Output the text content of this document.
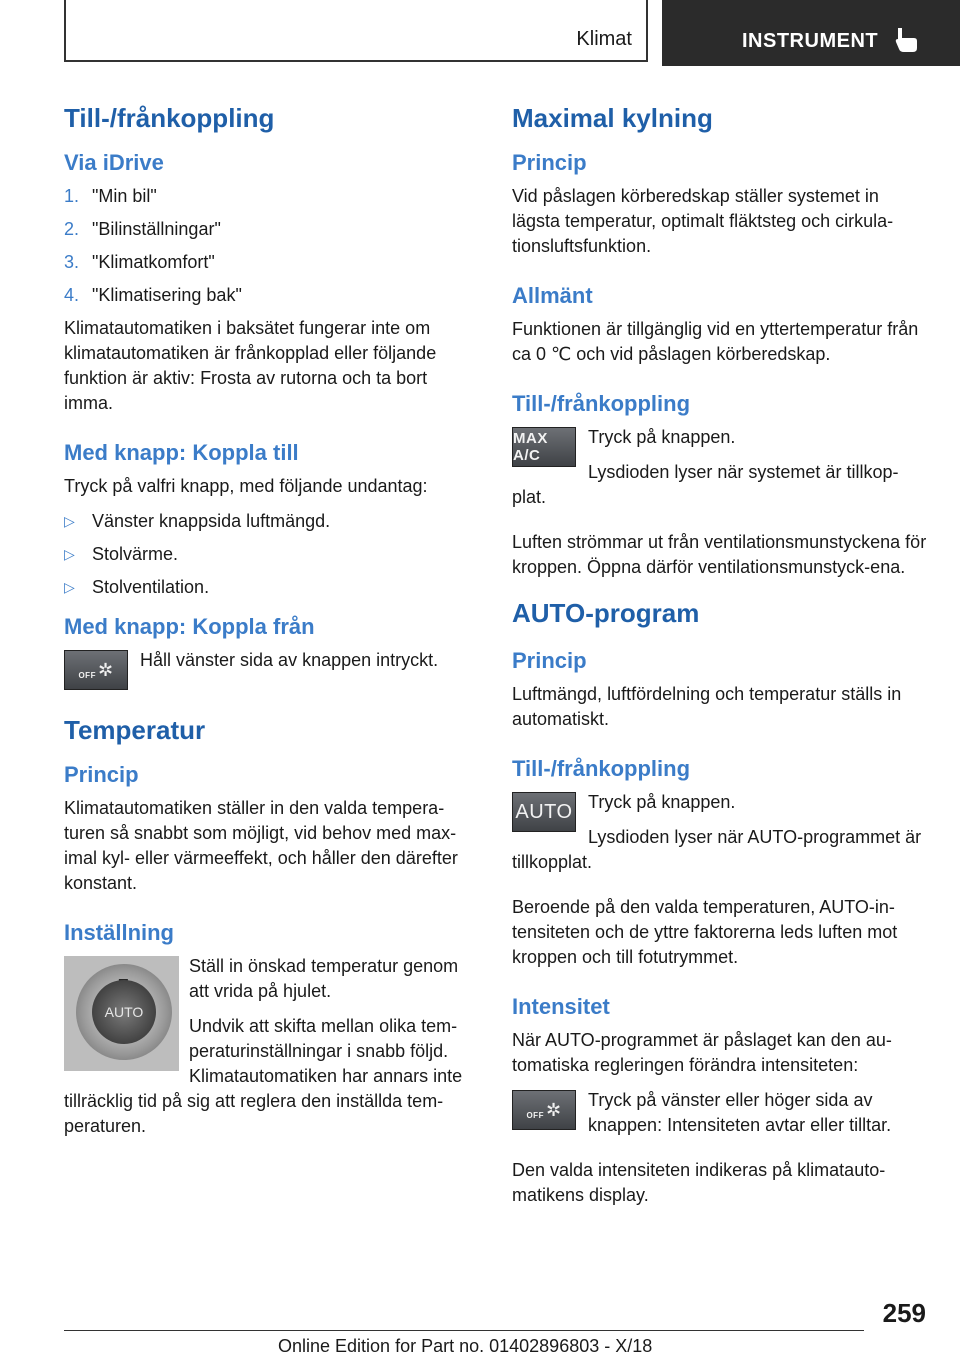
Klimat	INSTRUMENT
Till-/frånkoppling
Via iDrive
1. "Min bil"
2. "Bilinställningar"
3. "Klimatkomfort"
4. "Klimatisering bak"

Klimatautomatiken i baksätet fungerar inte om klimatautomatiken är frånkopplad eller följande funktion är aktiv: Frosta av rutorna och ta bort imma.

Med knapp: Koppla till

Tryck på valfri knapp, med följande undantag:

▷ Vänster knappsida luftmängd.
▷ Stolvärme.
▷ Stolventilation.
Med knapp: Koppla från
OFF ✲	Håll vänster sida av knappen intryckt.

Temperatur
Princip

Klimatautomatiken ställer in den valda tempera-turen så snabbt som möjligt, vid behov med max-imal kyl- eller värmeeffekt, och håller den därefter konstant.

Inställning
AUTO

Ställ in önskad temperatur genom att vrida på hjulet.

Undvik att skifta mellan olika tem-peraturinställningar i snabb följd. Klimatautomatiken har annars inte tillräcklig tid på sig att reglera den inställda tem-peraturen.

Maximal kylning
Princip

Vid påslagen körberedskap ställer systemet in lägsta temperatur, optimalt fläktsteg och cirkula-tionsluftsfunktion.

Allmänt

Funktionen är tillgänglig vid en yttertemperatur från ca 0 ℃ och vid påslagen körberedskap.

Till-/frånkoppling
MAX A/C

Tryck på knappen.

Lysdioden lyser när systemet är tillkop-plat.

Luften strömmar ut från ventilationsmunstyckena för kroppen. Öppna därför ventilationsmunstyck-ena.

AUTO-program
Princip

Luftmängd, luftfördelning och temperatur ställs in automatiskt.

Till-/frånkoppling
AUTO Tryck på knappen.

Lysdioden lyser när AUTO-programmet är tillkopplat.

Beroende på den valda temperaturen, AUTO-in-tensiteten och de yttre faktorerna leds luften mot kroppen och till fotutrymmet.

Intensitet

När AUTO-programmet är påslaget kan den au-tomatiska regleringen förändra intensiteten:

OFF ✲	Tryck på vänster eller höger sida av knappen: Intensiteten avtar eller tilltar.

Den valda intensiteten indikeras på klimatauto-matikens display.

259
Online Edition for Part no. 01402896803 - X/18
